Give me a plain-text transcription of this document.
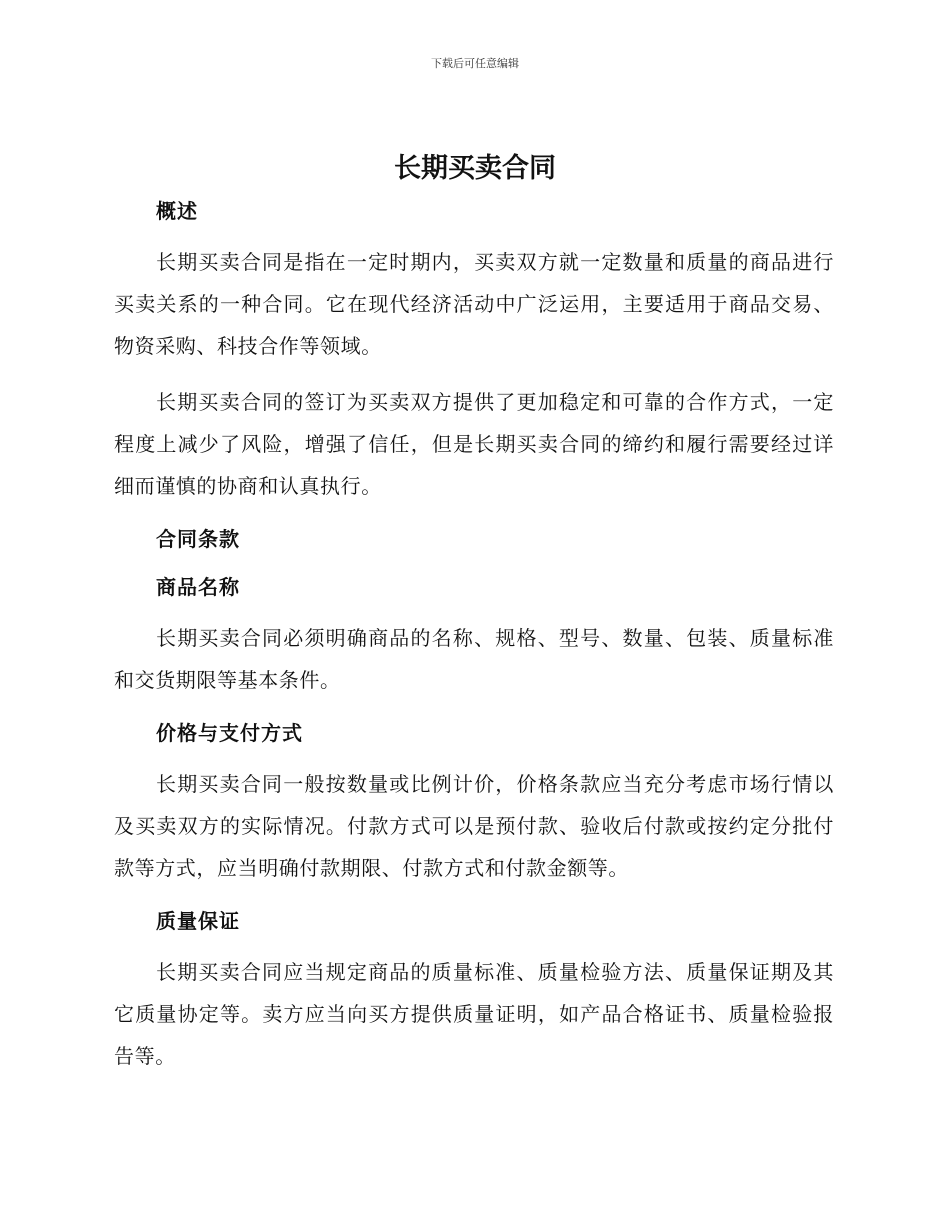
下载后可任意编辑
长期买卖合同
概述

长期买卖合同是指在一定时期内，买卖双方就一定数量和质量的商品进行买卖关系的一种合同。它在现代经济活动中广泛运用，主要适用于商品交易、物资采购、科技合作等领域。

长期买卖合同的签订为买卖双方提供了更加稳定和可靠的合作方式，一定程度上减少了风险，增强了信任，但是长期买卖合同的缔约和履行需要经过详细而谨慎的协商和认真执行。

合同条款
商品名称

长期买卖合同必须明确商品的名称、规格、型号、数量、包装、质量标准和交货期限等基本条件。

价格与支付方式

长期买卖合同一般按数量或比例计价，价格条款应当充分考虑市场行情以及买卖双方的实际情况。付款方式可以是预付款、验收后付款或按约定分批付款等方式，应当明确付款期限、付款方式和付款金额等。

质量保证

长期买卖合同应当规定商品的质量标准、质量检验方法、质量保证期及其它质量协定等。卖方应当向买方提供质量证明，如产品合格证书、质量检验报告等。
